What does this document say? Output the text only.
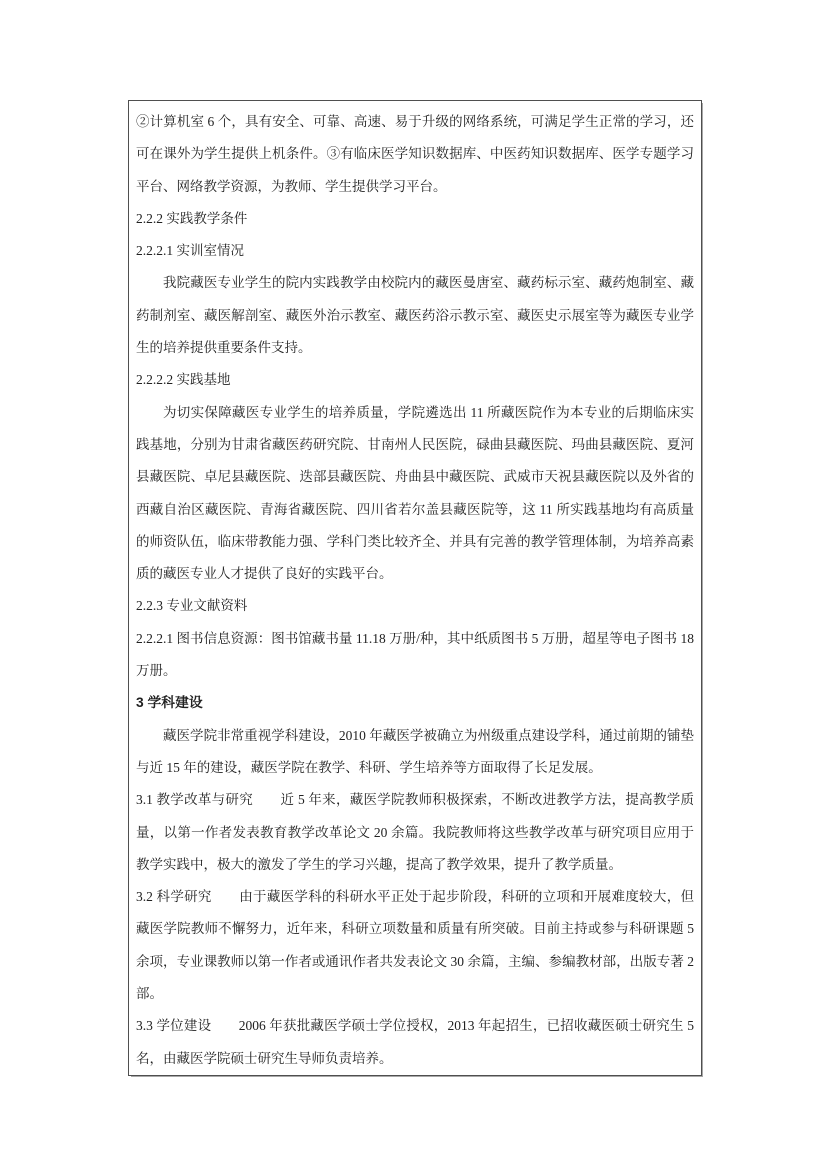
②计算机室 6 个，具有安全、可靠、高速、易于升级的网络系统，可满足学生正常的学习，还可在课外为学生提供上机条件。③有临床医学知识数据库、中医药知识数据库、医学专题学习平台、网络教学资源，为教师、学生提供学习平台。

2.2.2 实践教学条件

2.2.2.1 实训室情况

我院藏医专业学生的院内实践教学由校院内的藏医曼唐室、藏药标示室、藏药炮制室、藏药制剂室、藏医解剖室、藏医外治示教室、藏医药浴示教示室、藏医史示展室等为藏医专业学生的培养提供重要条件支持。

2.2.2.2 实践基地

为切实保障藏医专业学生的培养质量，学院遴选出 11 所藏医院作为本专业的后期临床实践基地，分别为甘肃省藏医药研究院、甘南州人民医院，碌曲县藏医院、玛曲县藏医院、夏河县藏医院、卓尼县藏医院、迭部县藏医院、舟曲县中藏医院、武威市天祝县藏医院以及外省的西藏自治区藏医院、青海省藏医院、四川省若尔盖县藏医院等，这 11 所实践基地均有高质量的师资队伍，临床带教能力强、学科门类比较齐全、并具有完善的教学管理体制，为培养高素质的藏医专业人才提供了良好的实践平台。

2.2.3 专业文献资料

2.2.2.1 图书信息资源：图书馆藏书量 11.18 万册/种，其中纸质图书 5 万册，超星等电子图书 18 万册。

3 学科建设

藏医学院非常重视学科建设，2010 年藏医学被确立为州级重点建设学科，通过前期的铺垫与近 15 年的建设，藏医学院在教学、科研、学生培养等方面取得了长足发展。

3.1 教学改革与研究　　近 5 年来，藏医学院教师积极探索，不断改进教学方法，提高教学质量，以第一作者发表教育教学改革论文 20 余篇。我院教师将这些教学改革与研究项目应用于教学实践中，极大的激发了学生的学习兴趣，提高了教学效果，提升了教学质量。

3.2 科学研究　　由于藏医学科的科研水平正处于起步阶段，科研的立项和开展难度较大，但藏医学院教师不懈努力，近年来，科研立项数量和质量有所突破。目前主持或参与科研课题 5 余项，专业课教师以第一作者或通讯作者共发表论文 30 余篇，主编、参编教材部，出版专著 2 部。

3.3 学位建设　　2006 年获批藏医学硕士学位授权，2013 年起招生，已招收藏医硕士研究生 5 名，由藏医学院硕士研究生导师负责培养。
